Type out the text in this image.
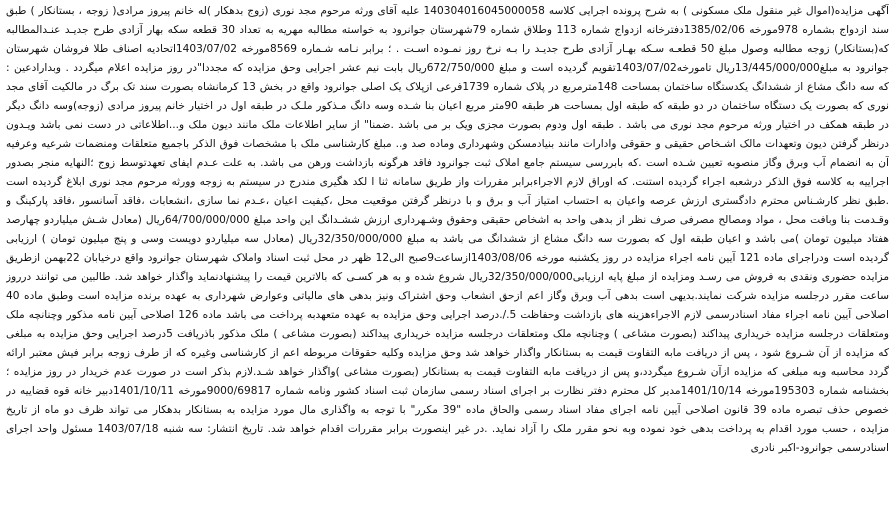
آگهی مزایده(اموال غیر منقول ملک مسکونی ) به شرح پرونده اجرایی کلاسه 140304016045000058 علیه آقای ورثه مرحوم مجد نوری (زوج بدهکار )له خانم پیروز مرادی( زوجه ، بستانکار ) طبق سند ازدواج بشماره 978مورخه 1385/02/06دفترخانه ازدواج شماره 113 وطلاق شماره 79شهرستان جوانرود به خواسته مطالبه مهریه به تعداد 30 قطعه سکه بهار آزادی طرح جدیـد عنـدالمطالبه که(بستانکار) زوجه مطالبه وصول مبلغ 50 قطعـه سـکه بهـار آزادی طرح جدیـد را بـه نرخ روز نمـوده اسـت . ؛ برابر نـامه شـماره 8569مورخه 1403/07/02اتحادیه اصناف طلا فروشان شهرستان جوانرود به مبلغ13/445/000/000ریال تامورخه1403/07/02تقویم گردیده است و مبلغ 672/750/000ریال بابت نیم عشر اجرایی وحق مزایده که مجددا"در روز مزایده اعلام میگردد . وبدارادعین : که سه دانگ مشاع از ششدانگ یکدستگاه ساختمان بمساحت 148مترمربع در پلاک شماره 1739فرعی ازپلاک یک اصلی جوانرود واقع در بخش 13 کرمانشاه بصورت سند تک برگ در مالکیت آقای مجد نوری که بصورت یک دستگاه ساختمان در دو طبقه که طبقه اول بمساحت هر طبقه 90متر مربع اعیان بنا شـده وسه دانگ مـذکور ملـک در طبقه اول در اختیار خانم پیروز مرادی (زوجه)وسه دانگ دیگر در طبقه همکف در اختیار ورثه مرحوم مجد نوری می باشد . طبقه اول ودوم بصورت مجزی ویک بر می باشد .ضمنا" از سایر اطلاعات ملک مانند دیون ملک و...اطلاعاتی در دست نمی باشد ویـدون درنظر گرفتن دیون وتعهدات مالک اشـخاص حقیقی و حقوقی وادارات مانند بنیادمسکن وشهرداری وماده صد و.. مبلغ کارشناسی ملک با مشخصات فوق الذکر باجمیع متعلقات ومنضمات شرعیه وعرفیه آن به انضمام آب وبرق وگاز منصوبه تعیین شـده است .که بابررسی سیستم جامع املاک ثبت جوانرود فاقد هرگونه بازداشت ورهن می باشد. به علت عـدم ایفای تعهدتوسط زوج ؛النهایه منجر بصدور اجراییه به کلاسه فوق الذکر درشعبه اجراء گردیده استنت. که اوراق لازم الاجراءبرابر مقررات واز طریق سامانه ثنا ا لکد هگیری مندرج در سیستم به زوجه وورثه مرحوم مجد نوری ابلاغ گردیده است .طبق نظر کارشـناس محترم دادگستری ارزش عرصه واعیان به احتساب امتیاز آب و برق و با درنظر گرفتن موقعیت محل ،کیفیت اعیان ،عـدم نما سازی ،انشعابات ،فاقد آسانسور ،فاقد پارکینگ و وقـدمت بنا وبافت محل ، مواد ومصالح مصرفی صرف نظر از بدهی واحد به اشخاص حقیقی وحقوق وشـهرداری ارزش ششـدانگ این واحد مبلغ 64/700/000/000ریال (معادل شـش میلیاردو چهارصد هفتاد میلیون تومان )می باشد و اعیان طبقه اول که بصورت سه دانگ مشاع از ششدانگ می باشد به مبلغ 32/350/000/000ریال (معادل سه میلیاردو دویست وسی و پنج میلیون تومان ) ارزیابی گردیده است ودراجرای ماده 121 آیین نامه اجراء مزایده در روز یکشنبه مورخه 1403/08/06ازساعت9صبح الی12 ظهر در محل ثبت اسناد واملاک شهرستان جوانرود واقع درخیابان 22بهمن ازطریق مزایده حضوری ونقدی به فروش می رسـد ومزایده از مبلغ پایه ارزیابی32/350/000/000ریال شروع شده و به هر کسـی که بالاترین قیمت را پیشنهادنماید واگذار خواهد شد. طالبین می توانند درروز ساعت مقرر درجلسه مزایده شرکت نمایند.بدیهی است بدهی آب وبرق وگاز اعم ازحق انشعاب وحق اشتراک ونیز بدهی های مالیاتی وعوارض شهرداری به عهده برنده مزایده است وطبق ماده 40 اصلاحی آیین نامه اجراء مفاد اسنادرسمی لازم الاجراءهزینه های بازداشت وحفاظت 5./.درصد اجرایی وحق مزایده به عهده متعهدبه پرداخت می باشد ماده 126 اصلاحی آیین نامه مذکور وچنانچه ملک ومتعلقات درجلسه مزایده خریداری پیداکند (بصورت مشاعی ) وچنانچه ملک ومتعلقات درجلسه مزایده خریداری پیداکند (بصورت مشاعی ) ملک مذکور باذریافت 5درصد اجرایی وحق مزایده به مبلغی که مزایده از آن شـروع شود ، پس از دریافت مابه التفاوت قیمت به بستانکار واگذار خواهد شد وحق مزایده وکلیه حقوقات مربوطه اعم از کارشناسی وغیره که از طرف زوجه برابر فیش معتبر ارائه گردد محاسبه وبه مبلغی که مزایده ازآن شـروع میگردد،و پس از دریافت مابه التفاوت قیمت به بستانکار (بصورت مشاعی )واگذار خواهد شـد.لازم بذکر است در صورت عدم خریدار در روز مزایده ؛ بخشنامه شماره 195303مورخه 1401/10/14مدیر کل محترم دفتر نظارت بر اجرای اسناد رسمی سازمان ثبت اسناد کشور ونامه شماره 9000/69817مورخه 1401/10/11دبیر خانه قوه قضاییه در خصوص حذف تبصره ماده 39 قانون اصلاحی آیین نامه اجرای مفاد اسناد رسمی والحاق ماده "39 مکرر" با توجه به واگذاری مال مورد مزایده به بستانکار بدهکار می تواند ظرف دو ماه از تاریخ مزایده ، حسب مورد اقدام به پرداخت بدهی خود نموده وبه نحو مقرر ملک را آزاد نماید. .در غیر اینصورت برابر مقررات اقدام خواهد شد. تاریخ انتشار: سه شنبه 1403/07/18 مسئول واحد اجرای اسنادرسمی جوانرود-اکبر نادری
